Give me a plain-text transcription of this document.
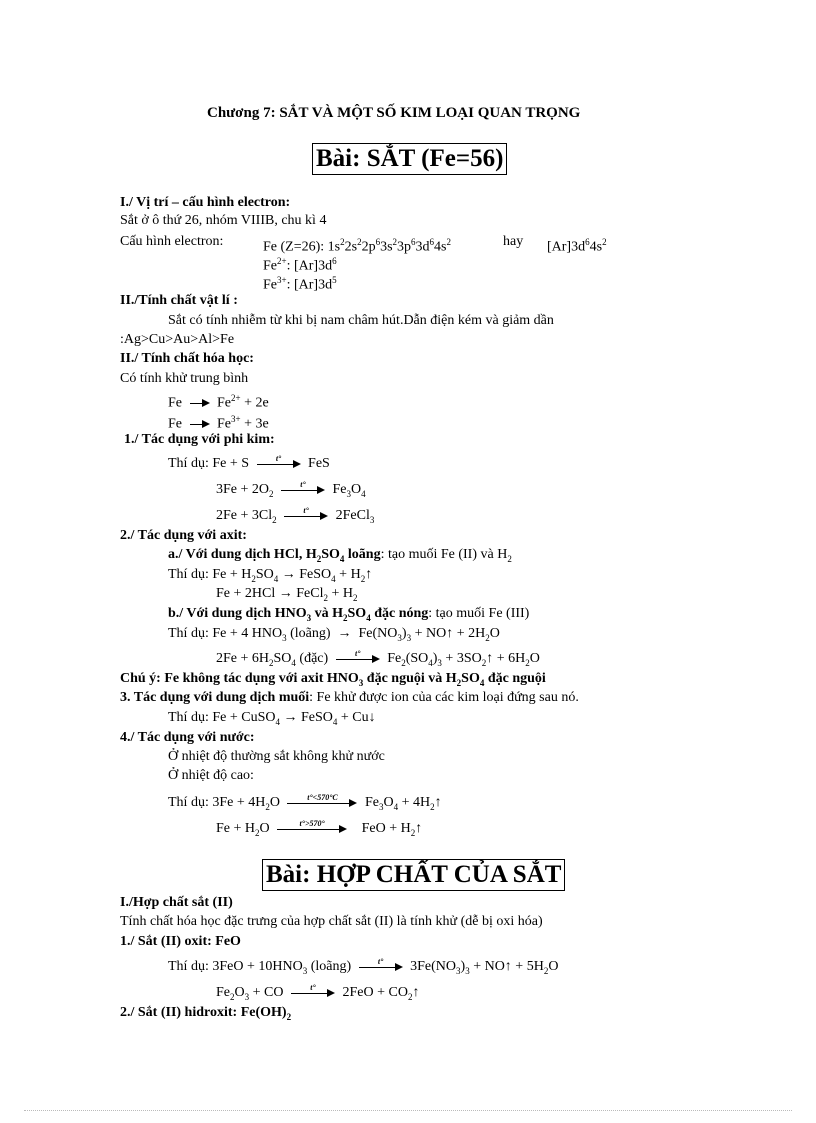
Chương 7: SẮT VÀ MỘT SỐ KIM LOẠI QUAN TRỌNG
Bài: SẮT (Fe=56)
I./ Vị trí – cấu hình electron:
Sắt ở ô thứ 26, nhóm VIIIB, chu kì 4
Cấu hình electron:	Fe (Z=26): $1s^22s^22p^63s^23p^63d^64s^2$	hay $[Ar]3d^64s^2$
$Fe^{2+}$: $[Ar]3d^6$
$Fe^{3+}$: $[Ar]3d^5$
II./Tính chất vật lí :
Sắt có tính nhiễm từ khi bị nam châm hút.Dẫn điện kém và giảm dần
:Ag>Cu>Au>Al>Fe
II./ Tính chất hóa học:
Có tính khử trung bình
Fe
$Fe^{2+} + 2e$
Fe
$Fe^{3+} + 3e$
1./ Tác dụng với phi kim:
Thí dụ: Fe + S	t°	FeS
$3Fe + 2O_2$
t°	$Fe_3O_4$
$2Fe + 3Cl_2$
t°	2FeCl$_3$
2./ Tác dụng với axit:
a./ Với dung dịch HCl, $H_2SO_4$ loãng: tạo muối Fe (II) và $H_2$
Thí dụ: $Fe + H_2SO_4$ → FeSO$_4$ + $H_2↑$
Fe + 2HCl → FeCl$_2$ + $H_2$
b./ Với dung dịch $HNO_3$ và $H_2SO_4$ đặc nóng: tạo muối Fe (III)
Thí dụ: Fe + 4 $HNO_3$ (loãng)  →  $Fe(NO_3)_3$ + NO↑ + $2H_2O$
$2Fe + 6H_2SO_4$ (đặc)	t°	$Fe_2(SO_4)_3$ + $3SO_2↑ + 6H_2O$
Chú ý: Fe không tác dụng với axit $HNO_3$ đặc nguội và $H_2SO_4$ đặc nguội
3. Tác dụng với dung dịch muối: Fe khử được ion của các kim loại đứng sau nó.
Thí dụ: Fe + CuSO$_4$ → FeSO$_4$ + Cu↓
4./ Tác dụng với nước:
Ở nhiệt độ thường sắt không khử nước
Ở nhiệt độ cao:
Thí dụ: $3Fe + 4H_2O$	t°<570°C	$Fe_3O_4$ + $4H_2↑$
$Fe + H_2O$	t°>570°	FeO + $H_2↑$
Bài: HỢP CHẤT CỦA SẮT
I./Hợp chất sắt (II)
Tính chất hóa học đặc trưng của hợp chất sắt (II) là tính khử (dễ bị oxi hóa)
1./ Sắt (II) oxit: FeO
Thí dụ: $3FeO + 10HNO_3$ (loãng)	t°	$3Fe(NO_3)_3$ + NO↑ + $5H_2O$
$Fe_2O_3$ + CO	t°	$2FeO + CO_2↑$
2./ Sắt (II) hidroxit: $Fe(OH)_2$
